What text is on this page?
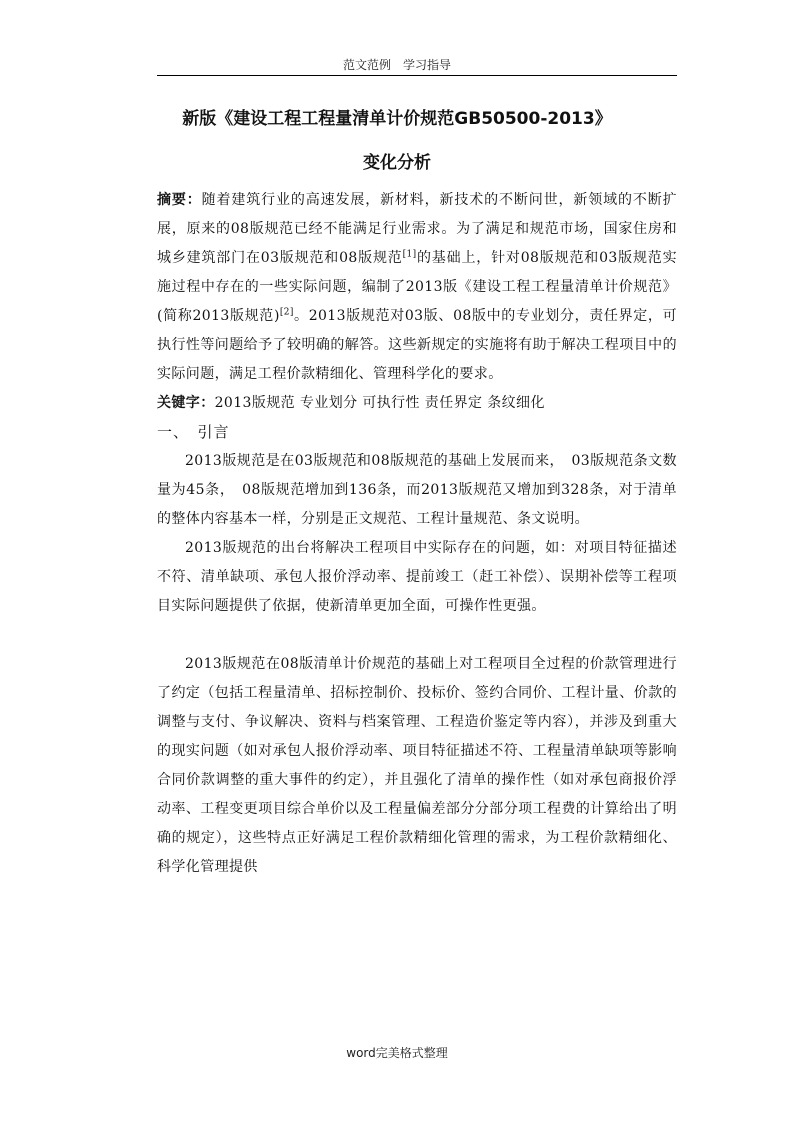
范文范例　学习指导
新版《建设工程工程量清单计价规范GB50500-2013》
变化分析

摘要：随着建筑行业的高速发展，新材料，新技术的不断问世，新领域的不断扩展，原来的08版规范已经不能满足行业需求。为了满足和规范市场，国家住房和城乡建筑部门在03版规范和08版规范[1]的基础上，针对08版规范和03版规范实施过程中存在的一些实际问题，编制了2013版《建设工程工程量清单计价规范》(简称2013版规范)[2]。2013版规范对03版、08版中的专业划分，责任界定，可执行性等问题给予了较明确的解答。这些新规定的实施将有助于解决工程项目中的实际问题，满足工程价款精细化、管理科学化的要求。

关键字：2013版规范 专业划分 可执行性 责任界定 条纹细化

一、　引言

2013版规范是在03版规范和08版规范的基础上发展而来，　03版规范条文数量为45条，　08版规范增加到136条，而2013版规范又增加到328条，对于清单的整体内容基本一样，分别是正文规范、工程计量规范、条文说明。

2013版规范的出台将解决工程项目中实际存在的问题，如：对项目特征描述不符、清单缺项、承包人报价浮动率、提前竣工（赶工补偿）、误期补偿等工程项目实际问题提供了依据，使新清单更加全面，可操作性更强。

2013版规范在08版清单计价规范的基础上对工程项目全过程的价款管理进行了约定（包括工程量清单、招标控制价、投标价、签约合同价、工程计量、价款的调整与支付、争议解决、资料与档案管理、工程造价鉴定等内容），并涉及到重大的现实问题（如对承包人报价浮动率、项目特征描述不符、工程量清单缺项等影响合同价款调整的重大事件的约定），并且强化了清单的操作性（如对承包商报价浮动率、工程变更项目综合单价以及工程量偏差部分分部分项工程费的计算给出了明确的规定），这些特点正好满足工程价款精细化管理的需求，为工程价款精细化、科学化管理提供

word完美格式整理
